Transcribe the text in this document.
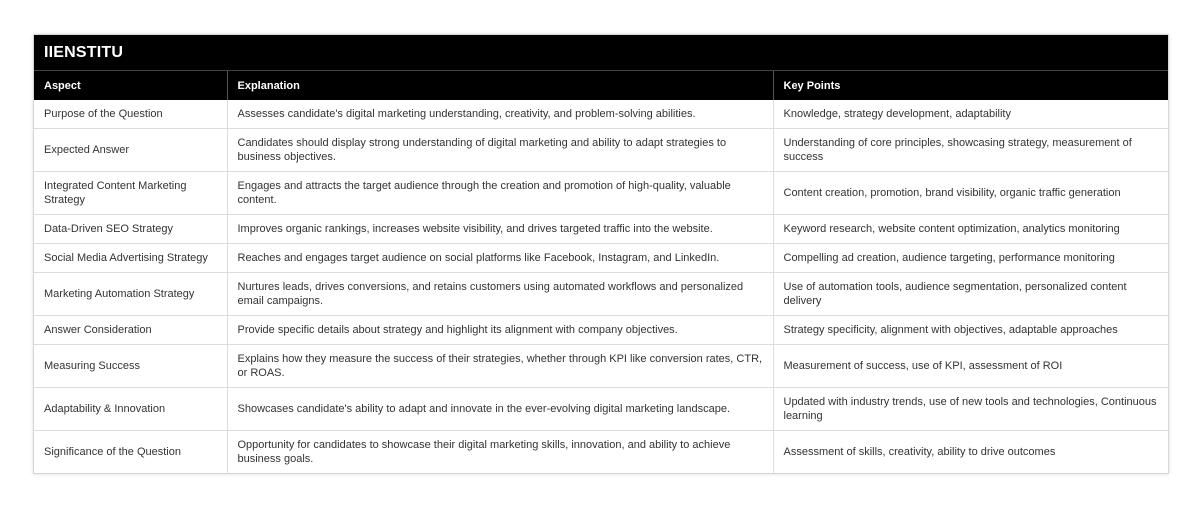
IIENSTITU
Aspect	Explanation	Key Points
Purpose of the Question	Assesses candidate's digital marketing understanding, creativity, and problem-solving abilities.	Knowledge, strategy development, adaptability
Expected Answer	Candidates should display strong understanding of digital marketing and ability to adapt strategies to business objectives.	Understanding of core principles, showcasing strategy, measurement of success
Integrated Content Marketing Strategy	Engages and attracts the target audience through the creation and promotion of high-quality, valuable content.	Content creation, promotion, brand visibility, organic traffic generation
Data-Driven SEO Strategy	Improves organic rankings, increases website visibility, and drives targeted traffic into the website.	Keyword research, website content optimization, analytics monitoring
Social Media Advertising Strategy	Reaches and engages target audience on social platforms like Facebook, Instagram, and LinkedIn.	Compelling ad creation, audience targeting, performance monitoring
Marketing Automation Strategy	Nurtures leads, drives conversions, and retains customers using automated workflows and personalized email campaigns.	Use of automation tools, audience segmentation, personalized content delivery
Answer Consideration	Provide specific details about strategy and highlight its alignment with company objectives.	Strategy specificity, alignment with objectives, adaptable approaches
Measuring Success	Explains how they measure the success of their strategies, whether through KPI like conversion rates, CTR, or ROAS.	Measurement of success, use of KPI, assessment of ROI
Adaptability & Innovation	Showcases candidate's ability to adapt and innovate in the ever-evolving digital marketing landscape.	Updated with industry trends, use of new tools and technologies, Continuous learning
Significance of the Question	Opportunity for candidates to showcase their digital marketing skills, innovation, and ability to achieve business goals.	Assessment of skills, creativity, ability to drive outcomes
